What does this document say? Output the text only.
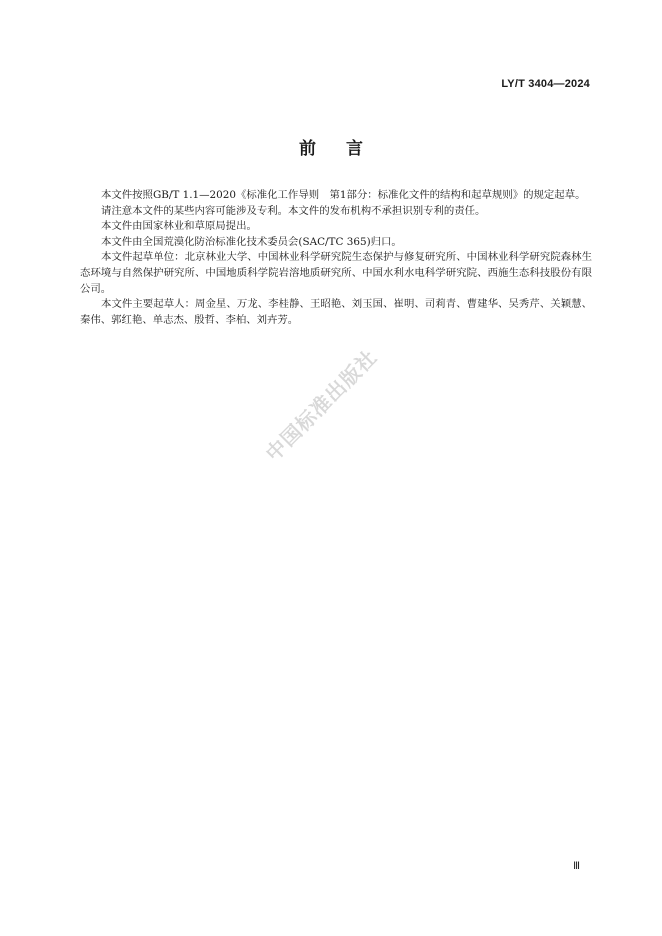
LY/T 3404—2024
前言

本文件按照GB/T 1.1—2020《标准化工作导则　第1部分：标准化文件的结构和起草规则》的规定起草。

请注意本文件的某些内容可能涉及专利。本文件的发布机构不承担识别专利的责任。

本文件由国家林业和草原局提出。

本文件由全国荒漠化防治标准化技术委员会(SAC/TC 365)归口。

本文件起草单位：北京林业大学、中国林业科学研究院生态保护与修复研究所、中国林业科学研究院森林生态环境与自然保护研究所、中国地质科学院岩溶地质研究所、中国水利水电科学研究院、西施生态科技股份有限公司。

本文件主要起草人：周金星、万龙、李桂静、王昭艳、刘玉国、崔明、司莉青、曹建华、吴秀芹、关颖慧、秦伟、郭红艳、单志杰、殷哲、李柏、刘卉芳。

中国标准出版社
Ⅲ
